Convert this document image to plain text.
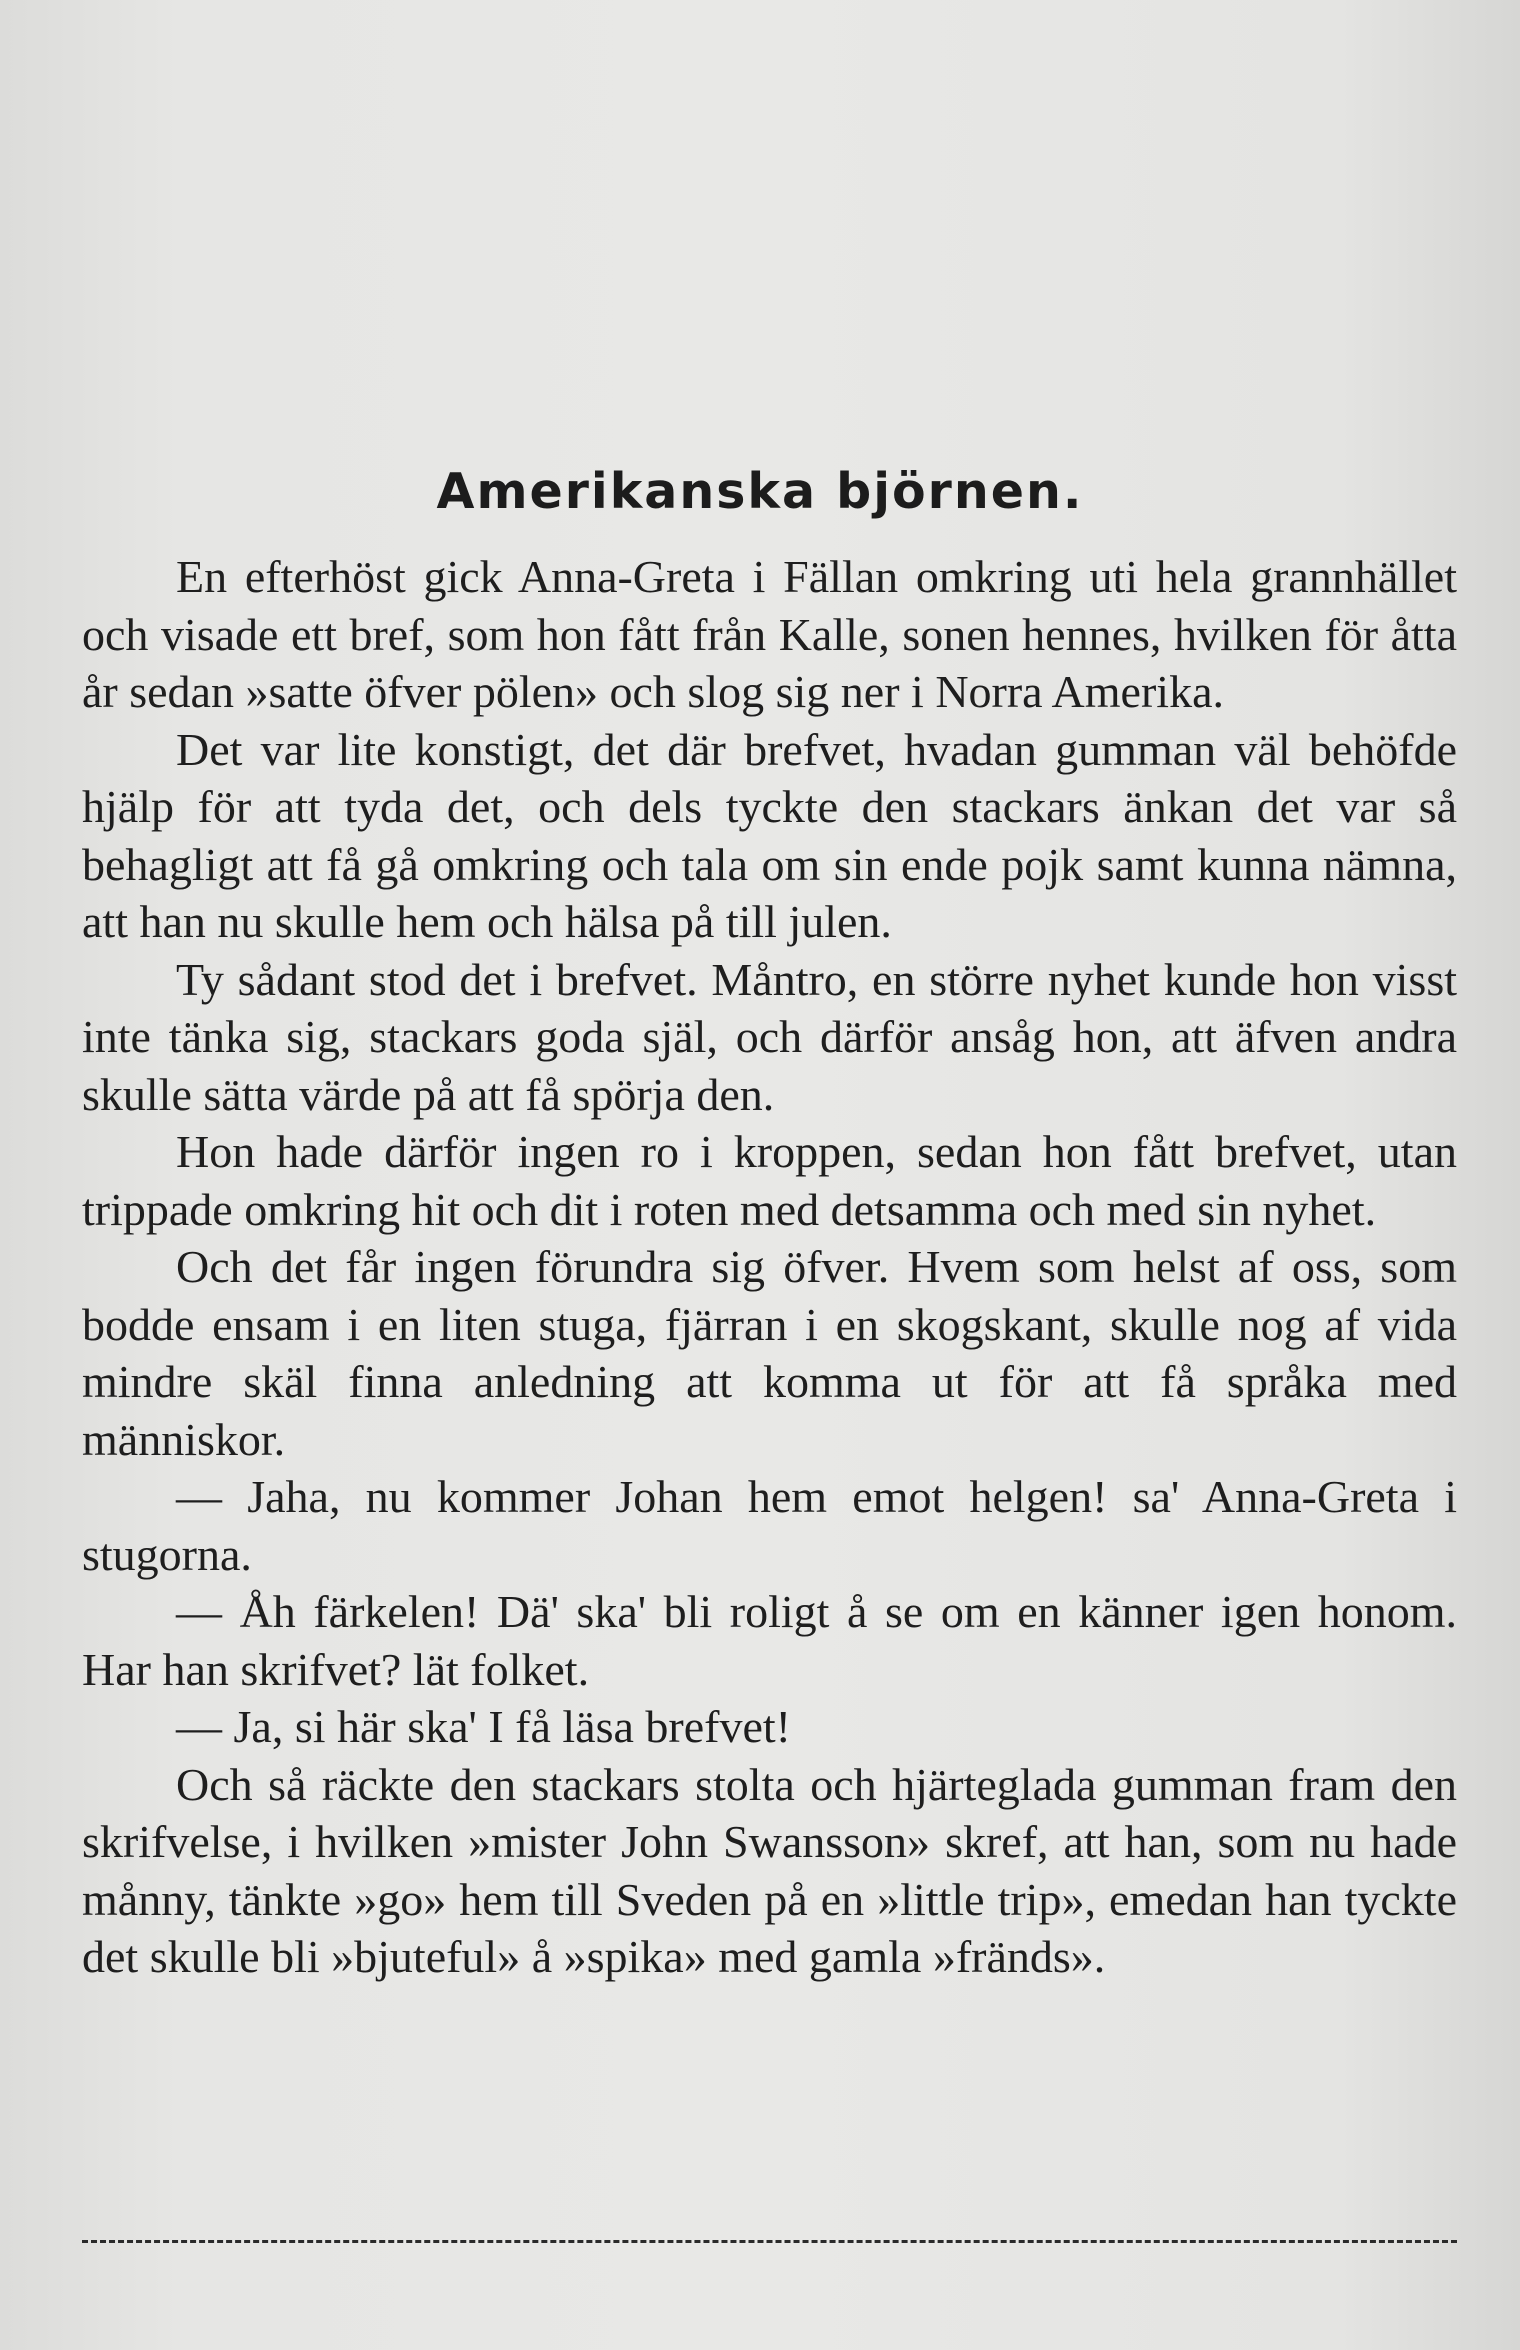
Amerikanska björnen.

En efterhöst gick Anna-Greta i Fällan omkring uti hela grannhället och visade ett bref, som hon fått från Kalle, sonen hennes, hvilken för åtta år sedan »satte öfver pölen» och slog sig ner i Norra Amerika.

Det var lite konstigt, det där brefvet, hvadan gumman väl behöfde hjälp för att tyda det, och dels tyckte den stackars änkan det var så behagligt att få gå omkring och tala om sin ende pojk samt kunna nämna, att han nu skulle hem och hälsa på till julen.

Ty sådant stod det i brefvet. Måntro, en större nyhet kunde hon visst inte tänka sig, stackars goda själ, och därför ansåg hon, att äfven andra skulle sätta värde på att få spörja den.

Hon hade därför ingen ro i kroppen, sedan hon fått brefvet, utan trippade omkring hit och dit i roten med detsamma och med sin nyhet.

Och det får ingen förundra sig öfver. Hvem som helst af oss, som bodde ensam i en liten stuga, fjärran i en skogskant, skulle nog af vida mindre skäl finna anledning att komma ut för att få språka med människor.

— Jaha, nu kommer Johan hem emot helgen! sa' Anna-Greta i stugorna.

— Åh färkelen! Dä' ska' bli roligt å se om en känner igen honom. Har han skrifvet? lät folket.

— Ja, si här ska' I få läsa brefvet!

Och så räckte den stackars stolta och hjärteglada gumman fram den skrifvelse, i hvilken »mister John Swansson» skref, att han, som nu hade månny, tänkte »go» hem till Sveden på en »little trip», emedan han tyckte det skulle bli »bjuteful» å »spika» med gamla »fränds».
